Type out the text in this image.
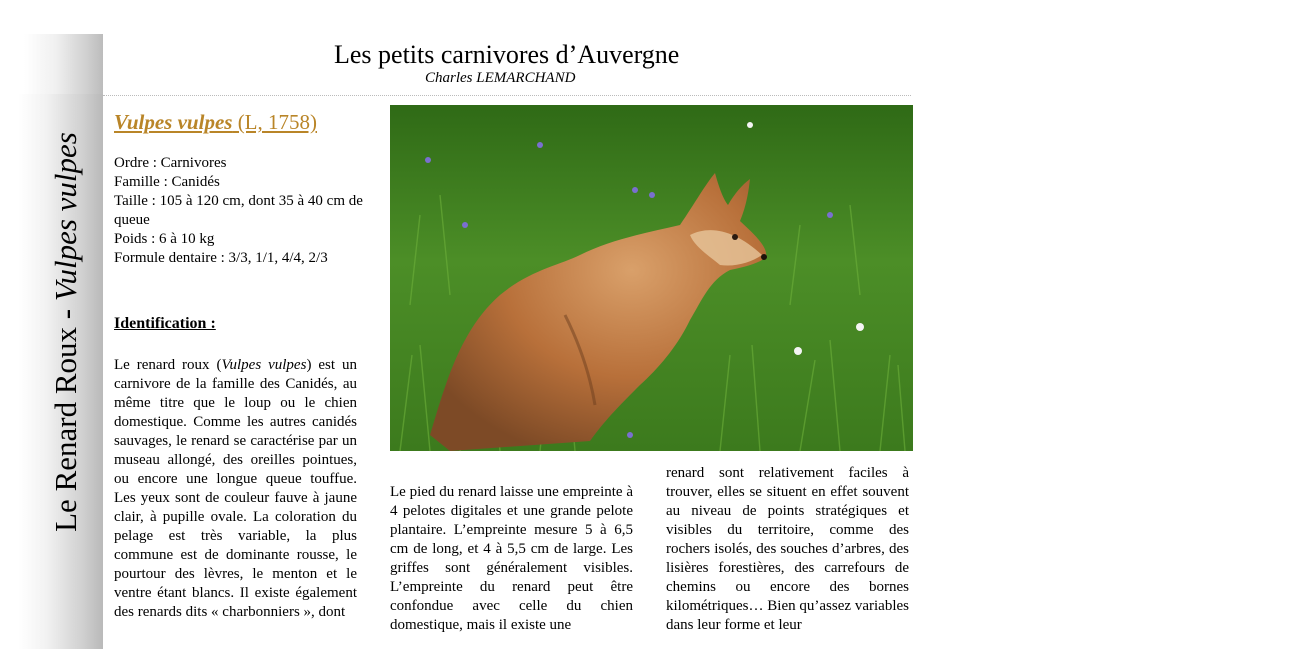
Le Renard Roux - Vulpes vulpes
Les petits carnivores d’Auvergne
Charles LEMARCHAND
Vulpes vulpes (L, 1758)
Ordre : Carnivores
Famille : Canidés
Taille : 105 à 120 cm, dont 35 à 40 cm de queue
Poids : 6 à 10 kg
Formule dentaire : 3/3, 1/1, 4/4, 2/3
Identification :
Le renard roux (Vulpes vulpes) est un carnivore de la famille des Canidés, au même titre que le loup ou le chien domestique. Comme les autres canidés sauvages, le renard se caractérise par un museau allongé, des oreilles pointues, ou encore une longue queue touffue. Les yeux sont de couleur fauve à jaune clair, à pupille ovale. La coloration du pelage est très variable, la plus commune est de dominante rousse, le pourtour des lèvres, le menton et le ventre étant blancs. Il existe également des renards dits « charbonniers », dont
© C.LEMARCHAND
Le pied du renard laisse une empreinte à 4 pelotes digitales et une grande pelote plantaire. L’empreinte mesure 5 à 6,5 cm de long, et 4 à 5,5 cm de large. Les griffes sont généralement visibles. L’empreinte du renard peut être confondue avec celle du chien domestique, mais il existe une
renard sont relativement faciles à trouver, elles se situent en effet souvent au niveau de points stratégiques et visibles du territoire, comme des rochers isolés, des souches d’arbres, des lisières forestières, des carrefours de chemins ou encore des bornes kilométriques… Bien qu’assez variables dans leur forme et leur
